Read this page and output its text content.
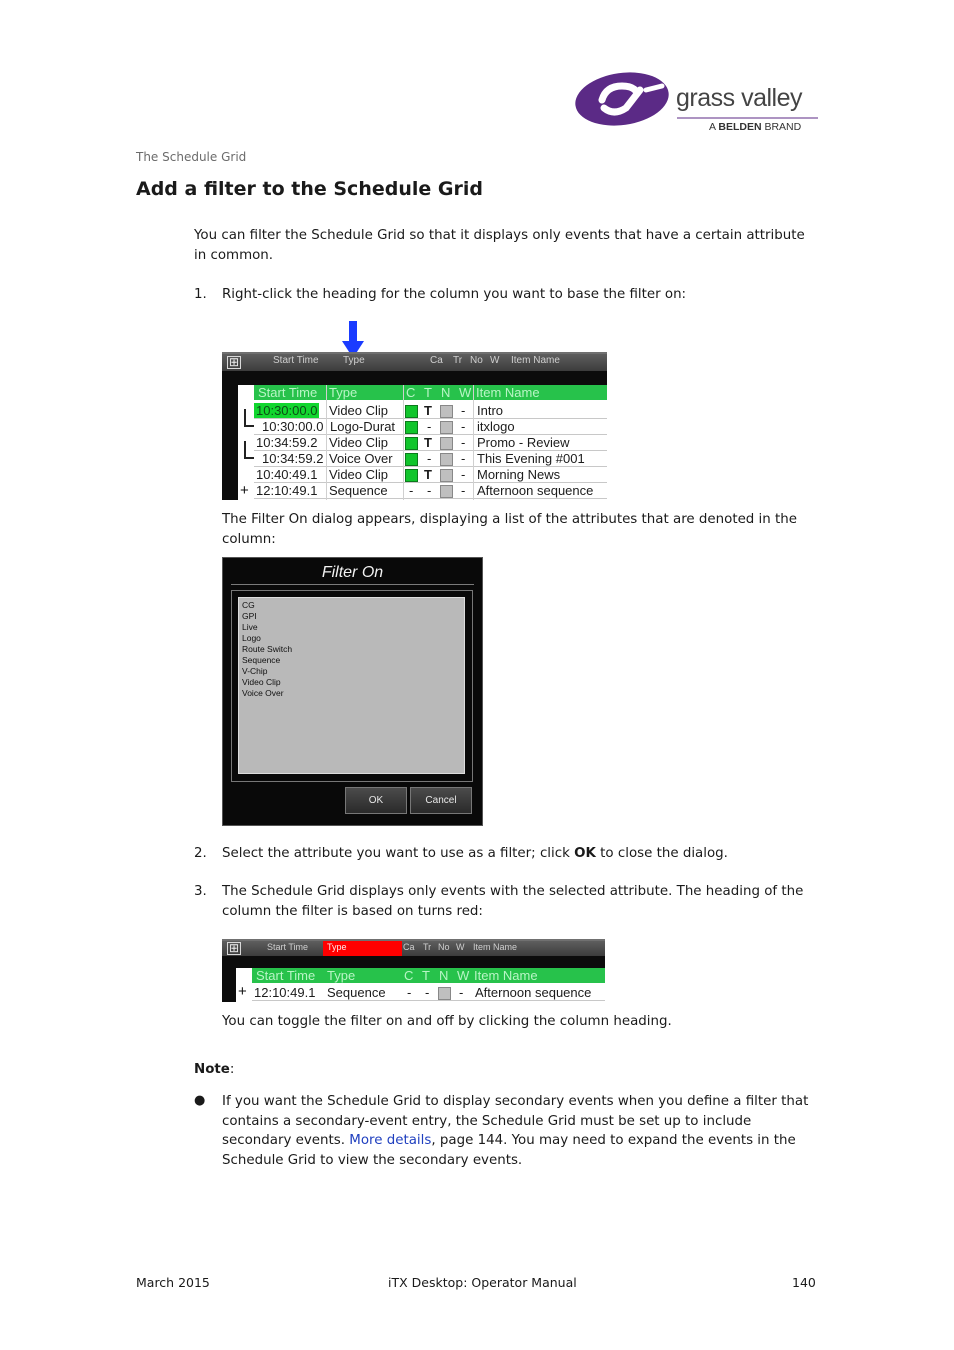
grass valley
A BELDEN BRAND
The Schedule Grid
Add a filter to the Schedule Grid
You can filter the Schedule Grid so that it displays only events that have a certain attribute in common.
1. Right-click the heading for the column you want to base the filter on:
⊞	Start Time Type	Ca Tr No W Item Name
Start Time Type	C T N W Item Name
+
10:30:00.0 Video Clip	T - Intro
10:30:00.0 Logo-Durat - - itxlogo
10:34:59.2 Video Clip	T - Promo - Review
10:34:59.2 Voice Over	- - This Evening #001
10:40:49.1 Video Clip	T - Morning News
12:10:49.1 Sequence - - - Afternoon sequence
The Filter On dialog appears, displaying a list of the attributes that are denoted in the column:
Filter On
CG
GPI
Live
Logo
Route Switch
Sequence
V-Chip
Video Clip
Voice Over
OK	Cancel
2. Select the attribute you want to use as a filter; click OK to close the dialog.
3. The Schedule Grid displays only events with the selected attribute. The heading of the column the filter is based on turns red:
⊞	Start Time	Type	Ca Tr No W Item Name
Start Time Type	C T N W Item Name
+ 12:10:49.1 Sequence - - - Afternoon sequence
You can toggle the filter on and off by clicking the column heading.
Note:
● If you want the Schedule Grid to display secondary events when you define a filter that contains a secondary-event entry, the Schedule Grid must be set up to include secondary events. More details, page 144. You may need to expand the events in the Schedule Grid to view the secondary events.
March 2015	iTX Desktop: Operator Manual	140
